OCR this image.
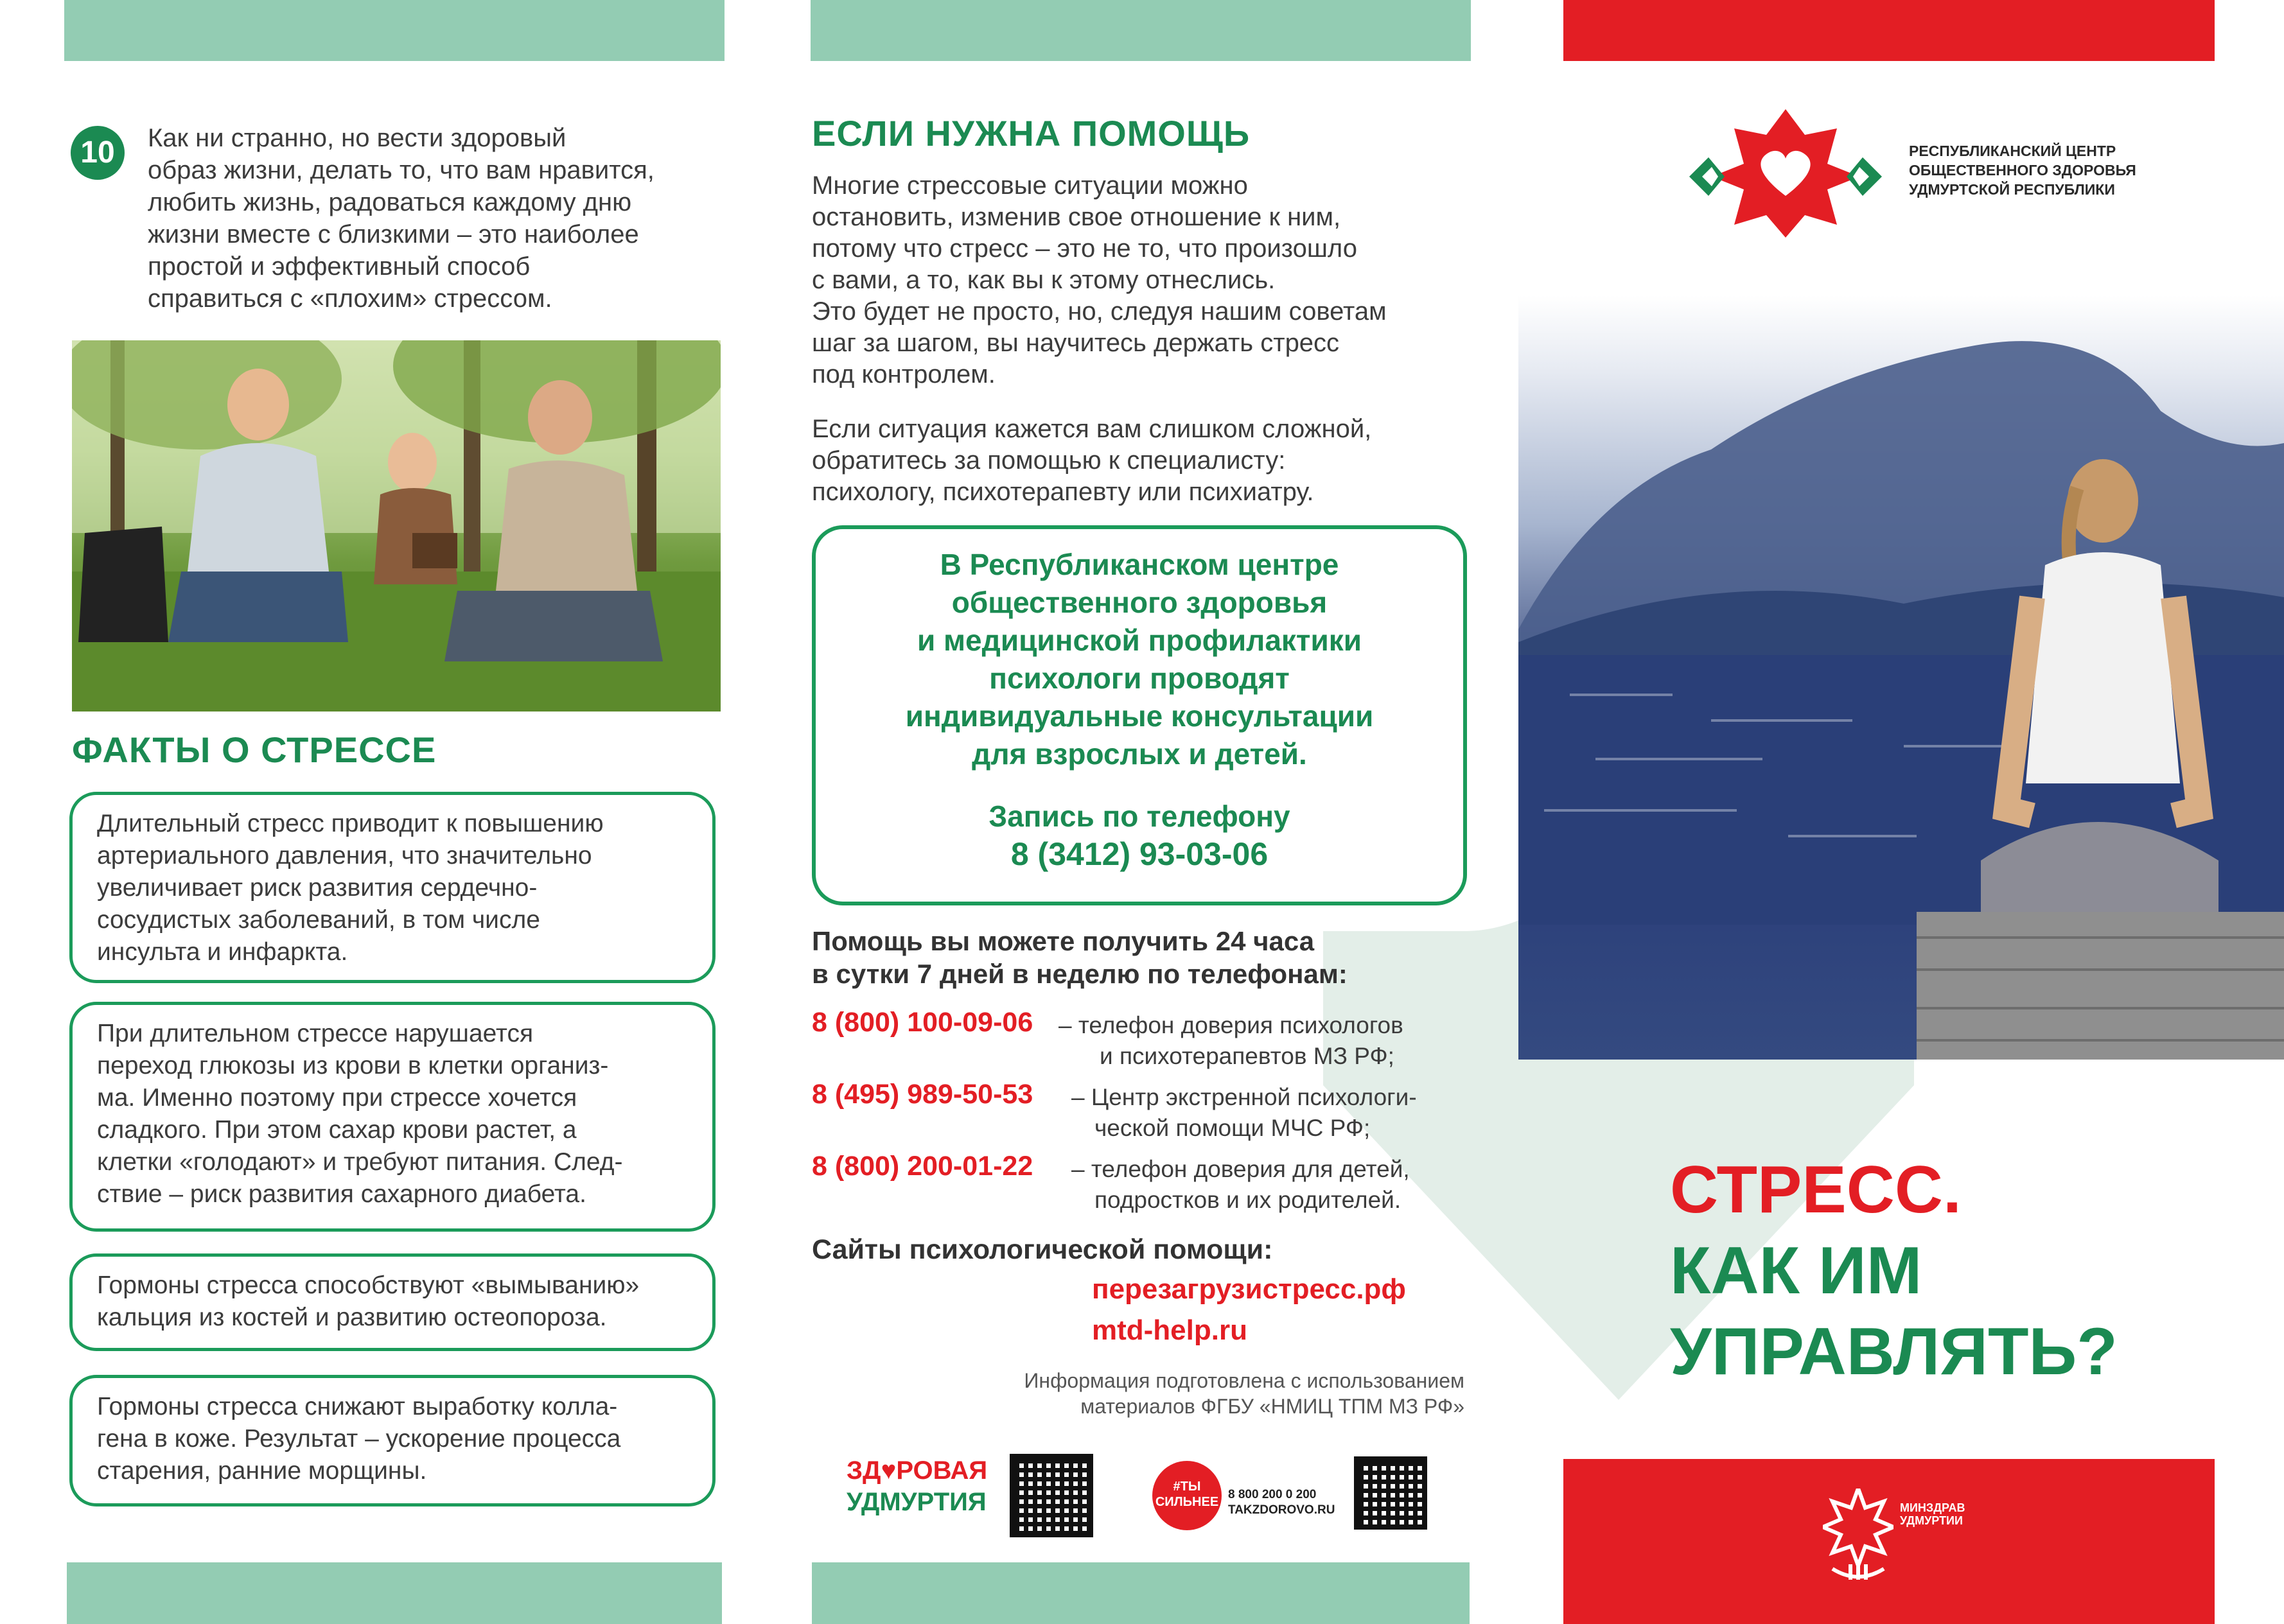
10	Как ни странно, но вести здоровый
образ жизни, делать то, что вам нравится,
любить жизнь, радоваться каждому дню
жизни вместе с близкими – это наиболее
простой и эффективный способ
справиться с «плохим» стрессом.
ФАКТЫ О СТРЕССЕ
Длительный стресс приводит к повышению
артериального давления, что значительно
увеличивает риск развития сердечно-
сосудистых заболеваний, в том числе
инсульта и инфаркта.
При длительном стрессе нарушается
переход глюкозы из крови в клетки организ-
ма. Именно поэтому при стрессе хочется
сладкого. При этом сахар крови растет, а
клетки «голодают» и требуют питания. След-
ствие – риск развития сахарного диабета.
Гормоны стресса способствуют «вымыванию»
кальция из костей и развитию остеопороза.
Гормоны стресса снижают выработку колла-
гена в коже. Результат – ускорение процесса
старения, ранние морщины.
ЕСЛИ НУЖНА ПОМОЩЬ
Многие стрессовые ситуации можно
остановить, изменив свое отношение к ним,
потому что стресс – это не то, что произошло
с вами, а то, как вы к этому отнеслись.
Это будет не просто, но, следуя нашим советам
шаг за шагом, вы научитесь держать стресс
под контролем.
Если ситуация кажется вам слишком сложной,
обратитесь за помощью к специалисту:
психологу, психотерапевту или психиатру.
В Республиканском центре
общественного здоровья
и медицинской профилактики
психологи проводят
индивидуальные консультации
для взрослых и детей.
Запись по телефону
8 (3412) 93-03-06
Помощь вы можете получить 24 часа
в сутки 7 дней в неделю по телефонам:
8 (800) 100-09-06 – телефон доверия психологов
и психотерапевтов МЗ РФ;
8 (495) 989-50-53 – Центр экстренной психологи-
ческой помощи МЧС РФ;
8 (800) 200-01-22 – телефон доверия для детей,
подростков и их родителей.
Сайты психологической помощи:
перезагрузистресс.рф
mtd-help.ru
Информация подготовлена с использованием
материалов ФГБУ «НМИЦ ТПМ МЗ РФ»
ЗД♥РОВАЯ
УДМУРТИЯ
#ТЫ
СИЛЬНЕЕ
8 800 200 0 200
TAKZDOROVO.RU
РЕСПУБЛИКАНСКИЙ ЦЕНТР
ОБЩЕСТВЕННОГО ЗДОРОВЬЯ
УДМУРТСКОЙ РЕСПУБЛИКИ
СТРЕСС.
КАК ИМ
УПРАВЛЯТЬ?
МИНЗДРАВ
УДМУРТИИ
